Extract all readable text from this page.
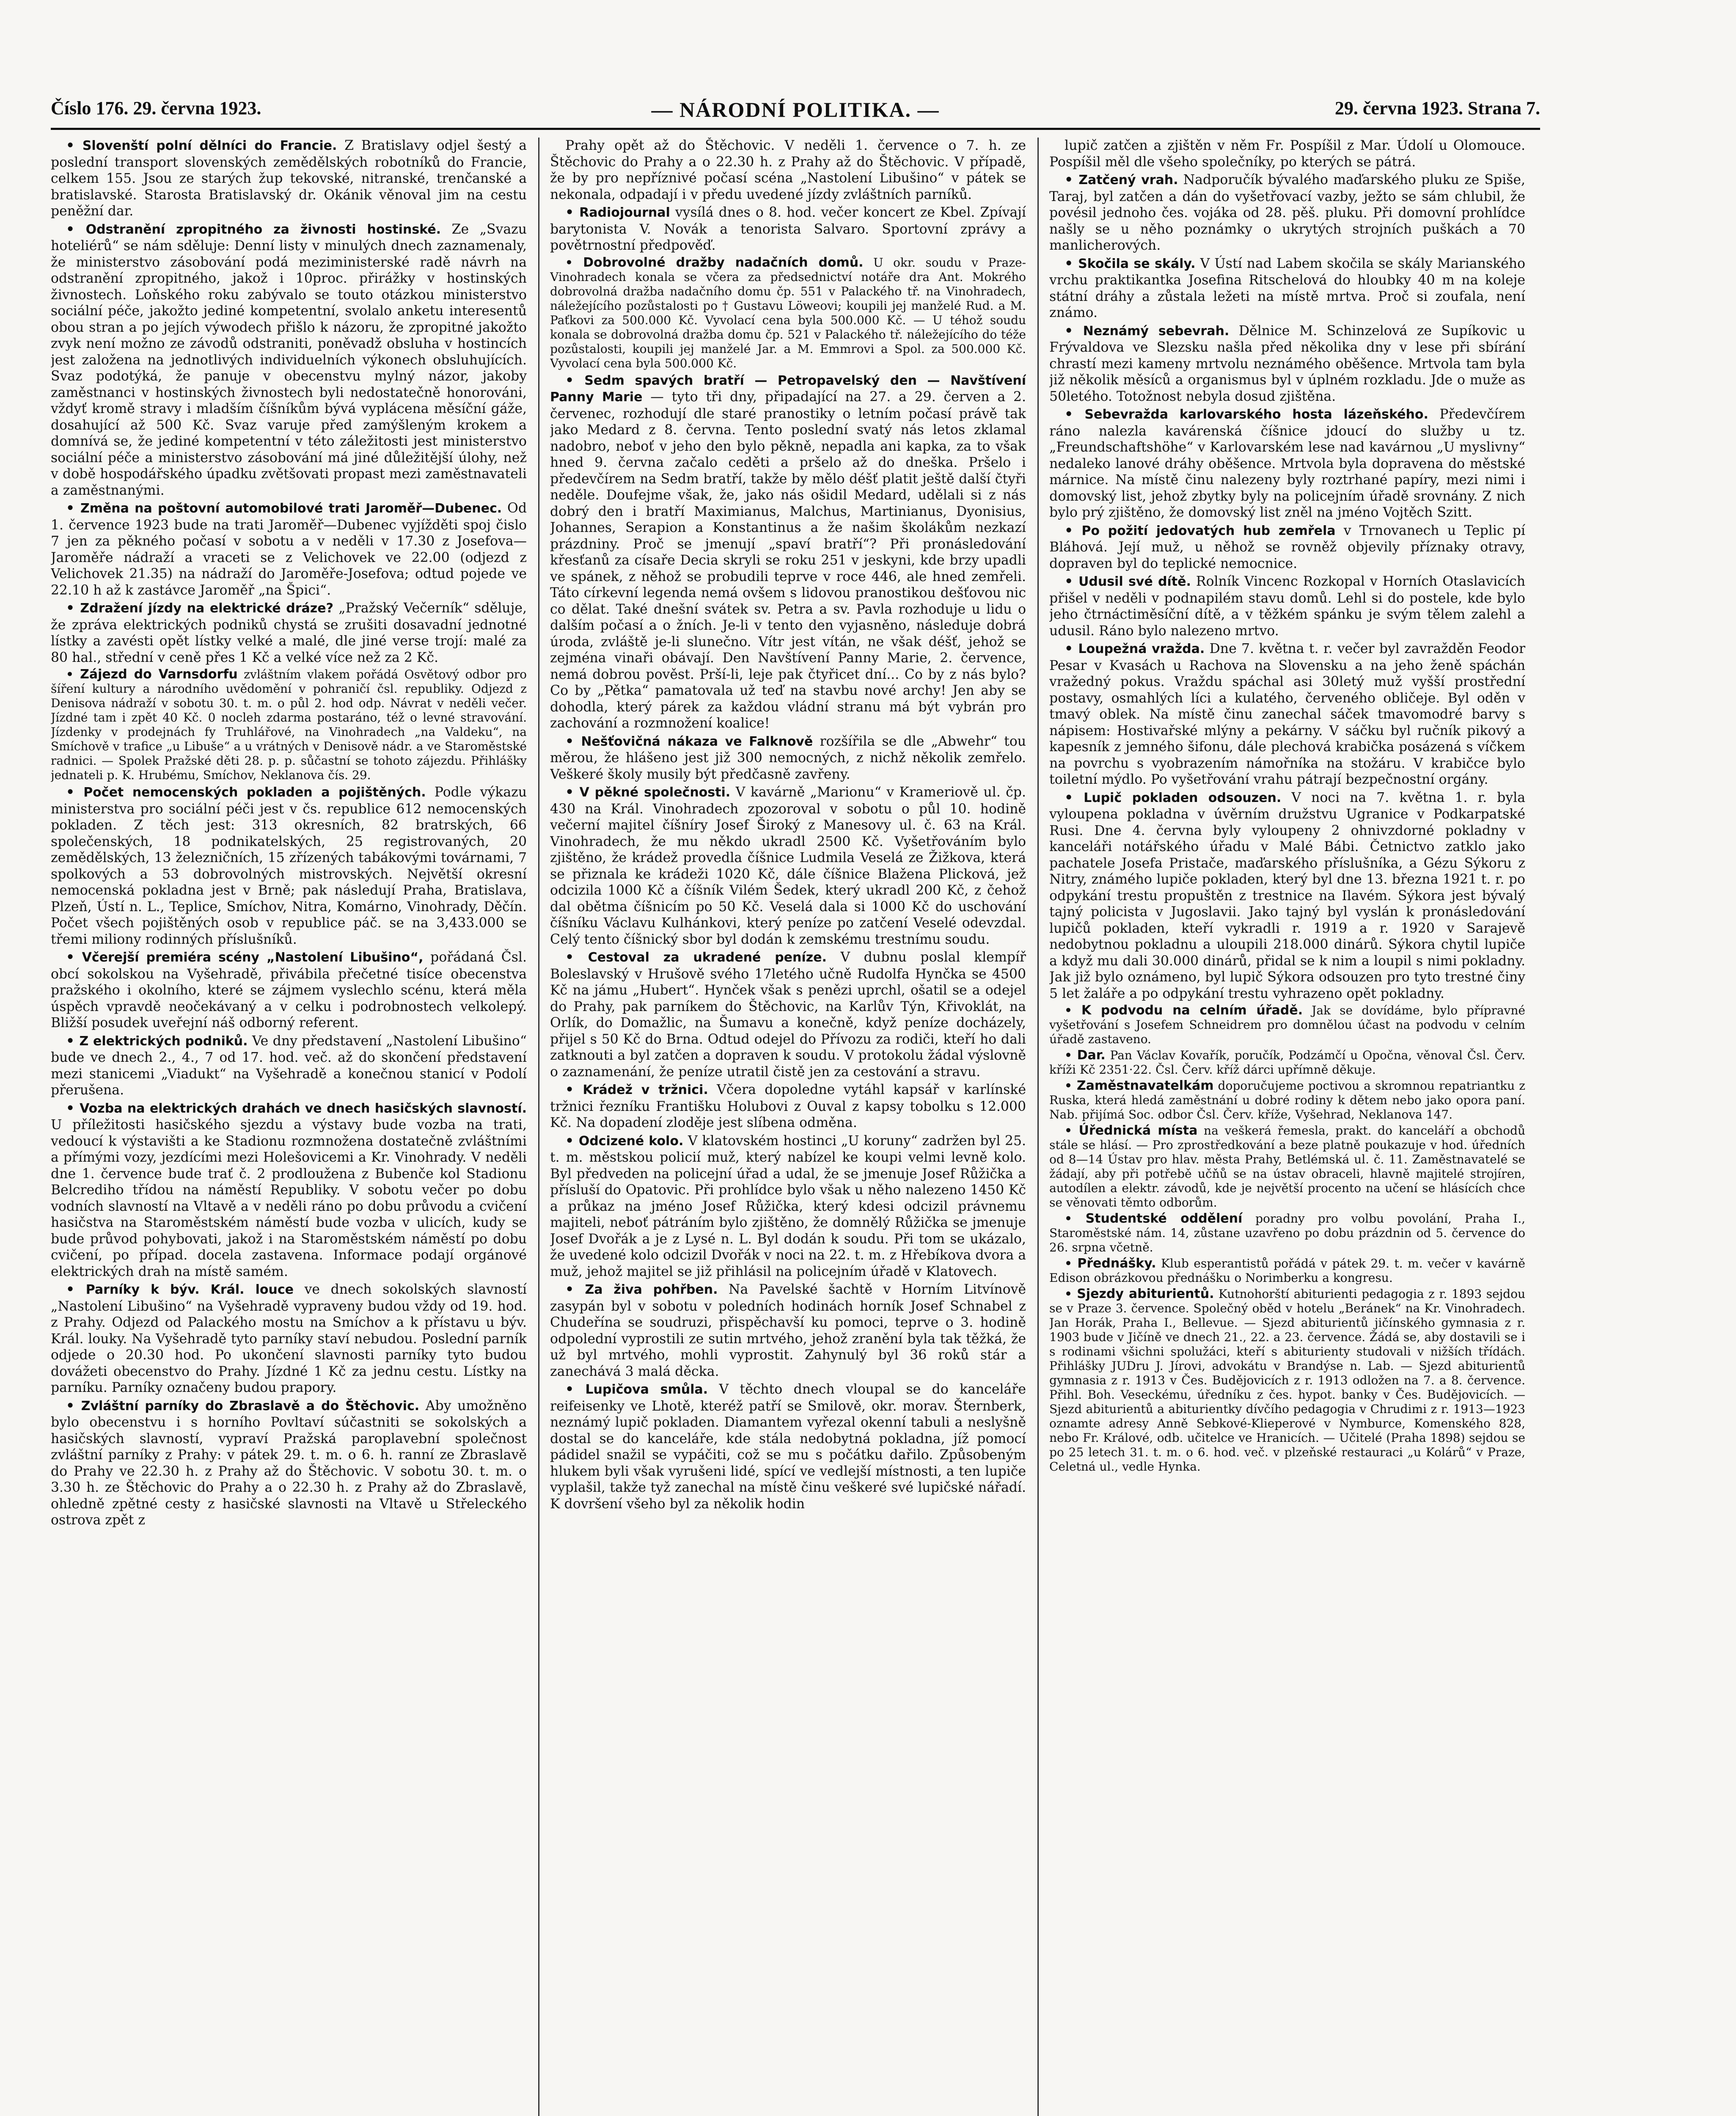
Číslo 176. 29. června 1923.	— NÁRODNÍ POLITIKA. —	29. června 1923. Strana 7.

• Slovenští polní dělníci do Francie. Z Bratislavy odjel šestý a poslední transport slovenských zemědělských robotníků do Francie, celkem 155. Jsou ze starých žup tekovské, nitranské, trenčanské a bratislavské. Starosta Bratislavský dr. Okánik věnoval jim na cestu peněžní dar.

• Odstranění zpropitného za živnosti hostinské. Ze „Svazu hoteliérů“ se nám sděluje: Denní listy v minulých dnech zaznamenaly, že ministerstvo zásobování podá meziministerské radě návrh na odstranění zpropitného, jakož i 10proc. přirážky v hostinských živnostech. Loňského roku zabývalo se touto otázkou ministerstvo sociální péče, jakožto jediné kompetentní, svolalo anketu interesentů obou stran a po jejích výwodech přišlo k názoru, že zpropitné jakožto zvyk není možno ze závodů odstraniti, poněvadž obsluha v hostincích jest založena na jednotlivých individuelních výkonech obsluhujících. Svaz podotýká, že panuje v obecenstvu mylný názor, jakoby zaměstnanci v hostinských živnostech byli nedostatečně honorováni, vždyť kromě stravy i mladším číšníkům bývá vyplácena měsíční gáže, dosahující až 500 Kč. Svaz varuje před zamýšleným krokem a domnívá se, že jediné kompetentní v této záležitosti jest ministerstvo sociální péče a ministerstvo zásobování má jiné důležitější úlohy, než v době hospodářského úpadku zvětšovati propast mezi zaměstnavateli a zaměstnanými.

• Změna na poštovní automobilové trati Jaroměř—Dubenec. Od 1. července 1923 bude na trati Jaroměř—Dubenec vyjížděti spoj čislo 7 jen za pěkného počasí v sobotu a v neděli v 17.30 z Josefova—Jaroměře nádraží a vraceti se z Velichovek ve 22.00 (odjezd z Velichovek 21.35) na nádraží do Jaroměře-Josefova; odtud pojede ve 22.10 h až k zastávce Jaroměř „na Špici“.

• Zdražení jízdy na elektrické dráze? „Pražský Večerník“ sděluje, že zpráva elektrických podniků chystá se zrušiti dosavadní jednotné lístky a zavésti opět lístky velké a malé, dle jiné verse trojí: malé za 80 hal., střední v ceně přes 1 Kč a velké více než za 2 Kč.

• Zájezd do Varnsdorfu zvláštním vlakem pořádá Osvětový odbor pro šíření kultury a národního uvědomění v pohraničí čsl. republiky. Odjezd z Denisova nádraží v sobotu 30. t. m. o půl 2. hod odp. Návrat v neděli večer. Jízdné tam i zpět 40 Kč. 0 nocleh zdarma postaráno, též o levné stravování. Jízdenky v prodejnách fy Truhlářové, na Vinohradech „na Valdeku“, na Smíchově v trafice „u Libuše“ a u vrátných v Denisově nádr. a ve Staroměstské radnici. — Spolek Pražské děti 28. p. p. sůčastní se tohoto zájezdu. Přihlášky jednateli p. K. Hrubému, Smíchov, Neklanova čís. 29.

• Počet nemocenských pokladen a pojištěných. Podle výkazu ministerstva pro sociální péči jest v čs. republice 612 nemocenských pokladen. Z těch jest: 313 okresních, 82 bratrských, 66 společenských, 18 podnikatelských, 25 registrovaných, 20 zemědělských, 13 železničních, 15 zřízených tabákovými továrnami, 7 spolkových a 53 dobrovolných mistrovských. Největší okresní nemocenská pokladna jest v Brně; pak následují Praha, Bratislava, Plzeň, Ústí n. L., Teplice, Smíchov, Nitra, Komárno, Vinohrady, Děčín. Počet všech pojištěných osob v republice páč. se na 3,433.000 se třemi miliony rodinných příslušníků.

• Včerejší premiéra scény „Nastolení Libušino“, pořádaná Čsl. obcí sokolskou na Vyšehradě, přivábila přečetné tisíce obecenstva pražského i okolního, které se zájmem vyslechlo scénu, která měla úspěch vpravdě neočekávaný a v celku i podrobnostech velkolepý. Bližší posudek uveřejní náš odborný referent.

• Z elektrických podniků. Ve dny představení „Nastolení Libušino“ bude ve dnech 2., 4., 7 od 17. hod. več. až do skončení představení mezi stanicemi „Viadukt“ na Vyšehradě a konečnou stanicí v Podolí přerušena.

• Vozba na elektrických drahách ve dnech hasičských slavností. U příležitosti hasičského sjezdu a výstavy bude vozba na trati, vedoucí k výstavišti a ke Stadionu rozmnožena dostatečně zvláštními a přímými vozy, jezdícími mezi Holešovicemi a Kr. Vinohrady. V neděli dne 1. července bude trať č. 2 prodloužena z Bubenče kol Stadionu Belcrediho třídou na náměstí Republiky. V sobotu večer po dobu vodních slavností na Vltavě a v neděli ráno po dobu průvodu a cvičení hasičstva na Staroměstském náměstí bude vozba v ulicích, kudy se bude průvod pohybovati, jakož i na Staroměstském náměstí po dobu cvičení, po případ. docela zastavena. Informace podají orgánové elektrických drah na místě samém.

• Parníky k býv. Král. louce ve dnech sokolských slavností „Nastolení Libušino“ na Vyšehradě vypraveny budou vždy od 19. hod. z Prahy. Odjezd od Palackého mostu na Smíchov a k přístavu u býv. Král. louky. Na Vyšehradě tyto parníky staví nebudou. Poslední parník odjede o 20.30 hod. Po ukončení slavnosti parníky tyto budou dovážeti obecenstvo do Prahy. Jízdné 1 Kč za jednu cestu. Lístky na parníku. Parníky označeny budou prapory.

• Zvláštní parníky do Zbraslavě a do Štěchovic. Aby umožněno bylo obecenstvu i s horního Povltaví súčastniti se sokolských a hasičských slavností, vypraví Pražská paroplavební společnost zvláštní parníky z Prahy: v pátek 29. t. m. o 6. h. ranní ze Zbraslavě do Prahy ve 22.30 h. z Prahy až do Štěchovic. V sobotu 30. t. m. o 3.30 h. ze Štěchovic do Prahy a o 22.30 h. z Prahy až do Zbraslavě, ohledně zpětné cesty z hasičské slavnosti na Vltavě u Střeleckého ostrova zpět z

Prahy opět až do Štěchovic. V neděli 1. července o 7. h. ze Štěchovic do Prahy a o 22.30 h. z Prahy až do Štěchovic. V případě, že by pro nepříznivé počasí scéna „Nastolení Libušino“ v pátek se nekonala, odpadají i v předu uvedené jízdy zvláštních parníků.

• Radiojournal vysílá dnes o 8. hod. večer koncert ze Kbel. Zpívají barytonista V. Novák a tenorista Salvaro. Sportovní zprávy a povětrnostní předpověď.

• Dobrovolné dražby nadačních domů. U okr. soudu v Praze-Vinohradech konala se včera za předsednictví notáře dra Ant. Mokrého dobrovolná dražba nadačního domu čp. 551 v Palackého tř. na Vinohradech, náležejícího pozůstalosti po † Gustavu Löweovi; koupili jej manželé Rud. a M. Paťkovi za 500.000 Kč. Vyvolací cena byla 500.000 Kč. — U téhož soudu konala se dobrovolná dražba domu čp. 521 v Palackého tř. náležejícího do téže pozůstalosti, koupili jej manželé Jar. a M. Emmrovi a Spol. za 500.000 Kč. Vyvolací cena byla 500.000 Kč.

• Sedm spavých bratří — Petropavelský den — Navštívení Panny Marie — tyto tři dny, připadající na 27. a 29. červen a 2. červenec, rozhodují dle staré pranostiky o letním počasí právě tak jako Medard z 8. června. Tento poslední svatý nás letos zklamal nadobro, neboť v jeho den bylo pěkně, nepadla ani kapka, za to však hned 9. června začalo ceděti a pršelo až do dneška. Pršelo i předevčírem na Sedm bratří, takže by mělo déšť platit ještě další čtyři neděle. Doufejme však, že, jako nás ošidil Medard, udělali si z nás dobrý den i bratří Maximianus, Malchus, Martinianus, Dyonisius, Johannes, Serapion a Konstantinus a že našim školákům nezkazí prázdniny. Proč se jmenují „spaví bratří“? Při pronásledování křesťanů za císaře Decia skryli se roku 251 v jeskyni, kde brzy upadli ve spánek, z něhož se probudili teprve v roce 446, ale hned zemřeli. Táto církevní legenda nemá ovšem s lidovou pranostikou dešťovou nic co dělat. Také dnešní svátek sv. Petra a sv. Pavla rozhoduje u lidu o dalším počasí a o žních. Je-li v tento den vyjasněno, následuje dobrá úroda, zvláště je-li slunečno. Vítr jest vítán, ne však déšť, jehož se zejména vinaři obávají. Den Navštívení Panny Marie, 2. července, nemá dobrou pověst. Prší-li, leje pak čtyřicet dní... Co by z nás bylo? Co by „Pětka“ pamatovala už teď na stavbu nové archy! Jen aby se dohodla, který párek za každou vládní stranu má být vybrán pro zachování a rozmnožení koalice!

• Nešťovičná nákaza ve Falknově rozšířila se dle „Abwehr“ tou měrou, že hlášeno jest již 300 nemocných, z nichž několik zemřelo. Veškeré školy musily být předčasně zavřeny.

• V pěkné společnosti. V kavárně „Marionu“ v Krameriově ul. čp. 430 na Král. Vinohradech zpozoroval v sobotu o půl 10. hodině večerní majitel číšníry Josef Široký z Manesovy ul. č. 63 na Král. Vinohradech, že mu někdo ukradl 2500 Kč. Vyšetřováním bylo zjištěno, že krádež provedla číšnice Ludmila Veselá ze Žižkova, která se přiznala ke krádeži 1020 Kč, dále číšnice Blažena Plicková, jež odcizila 1000 Kč a číšník Vilém Šedek, který ukradl 200 Kč, z čehož dal obětma číšnicím po 50 Kč. Veselá dala si 1000 Kč do uschování číšníku Václavu Kulhánkovi, který peníze po zatčení Veselé odevzdal. Celý tento číšnický sbor byl dodán k zemskému trestnímu soudu.

• Cestoval za ukradené peníze. V dubnu poslal klempíř Boleslavský v Hrušově svého 17letého učně Rudolfa Hynčka se 4500 Kč na jámu „Hubert“. Hynček však s penězi uprchl, ošatil se a odejel do Prahy, pak parníkem do Štěchovic, na Karlův Týn, Křivoklát, na Orlík, do Domažlic, na Šumavu a konečně, když peníze docházely, přijel s 50 Kč do Brna. Odtud odejel do Přívozu za rodiči, kteří ho dali zatknouti a byl zatčen a dopraven k soudu. V protokolu žádal výslovně o zaznamenání, že peníze utratil čistě jen za cestování a stravu.

• Krádež v tržnici. Včera dopoledne vytáhl kapsář v karlínské tržnici řezníku Františku Holubovi z Ouval z kapsy tobolku s 12.000 Kč. Na dopadení zloděje jest slíbena odměna.

• Odcizené kolo. V klatovském hostinci „U koruny“ zadržen byl 25. t. m. městskou policií muž, který nabízel ke koupi velmi levně kolo. Byl předveden na policejní úřad a udal, že se jmenuje Josef Růžička a přísluší do Opatovic. Při prohlídce bylo však u něho nalezeno 1450 Kč a průkaz na jméno Josef Růžička, který kdesi odcizil právnemu majiteli, neboť pátráním bylo zjištěno, že domnělý Růžička se jmenuje Josef Dvořák a je z Lysé n. L. Byl dodán k soudu. Při tom se ukázalo, že uvedené kolo odcizil Dvořák v noci na 22. t. m. z Hřebíkova dvora a muž, jehož majitel se již přihlásil na policejním úřadě v Klatovech.

• Za živa pohřben. Na Pavelské šachtě v Horním Litvínově zasypán byl v sobotu v poledních hodinách horník Josef Schnabel z Chudeřína se soudruzi, přispěchavší ku pomoci, teprve o 3. hodině odpolední vyprostili ze sutin mrtvého, jehož zranění byla tak těžká, že už byl mrtvého, mohli vyprostit. Zahynulý byl 36 roků stár a zanechává 3 malá děcka.

• Lupičova smůla. V těchto dnech vloupal se do kanceláře reifeisenky ve Lhotě, kteréž patří se Smilově, okr. morav. Šternberk, neznámý lupič pokladen. Diamantem vyřezal okenní tabuli a neslyšně dostal se do kanceláře, kde stála nedobytná pokladna, jíž pomocí pádidel snažil se vypáčiti, což se mu s počátku dařilo. Způsobeným hlukem byli však vyrušeni lidé, spící ve vedlejší místnosti, a ten lupiče vyplašil, takže tyž zanechal na místě činu veškeré své lupičské nářadí. K dovršení všeho byl za několik hodin

lupič zatčen a zjištěn v něm Fr. Pospíšil z Mar. Údolí u Olomouce. Pospíšil měl dle všeho společníky, po kterých se pátrá.

• Zatčený vrah. Nadporučík bývalého maďarského pluku ze Spiše, Taraj, byl zatčen a dán do vyšetřovací vazby, ježto se sám chlubil, že povésil jednoho čes. vojáka od 28. pěš. pluku. Při domovní prohlídce našly se u něho poznámky o ukrytých strojních puškách a 70 manlicherových.

• Skočila se skály. V Ústí nad Labem skočila se skály Marianského vrchu praktikantka Josefina Ritschelová do hloubky 40 m na koleje státní dráhy a zůstala ležeti na místě mrtva. Proč si zoufala, není známo.

• Neznámý sebevrah. Dělnice M. Schinzelová ze Supíkovic u Frývaldova ve Slezsku našla před několika dny v lese při sbírání chrastí mezi kameny mrtvolu neznámého oběšence. Mrtvola tam byla již několik měsíců a organismus byl v úplném rozkladu. Jde o muže as 50letého. Totožnost nebyla dosud zjištěna.

• Sebevražda karlovarského hosta lázeňského. Předevčírem ráno nalezla kavárenská číšnice jdoucí do služby u tz. „Freundschaftshöhe“ v Karlovarském lese nad kavárnou „U myslivny“ nedaleko lanové dráhy oběšence. Mrtvola byla dopravena do městské márnice. Na místě činu nalezeny byly roztrhané papíry, mezi nimi i domovský list, jehož zbytky byly na policejním úřadě srovnány. Z nich bylo prý zjištěno, že domovský list zněl na jméno Vojtěch Szitt.

• Po požití jedovatých hub zemřela v Trnovanech u Teplic pí Bláhová. Její muž, u něhož se rovněž objevily příznaky otravy, dopraven byl do teplické nemocnice.

• Udusil své dítě. Rolník Vincenc Rozkopal v Horních Otaslavicích přišel v neděli v podnapilém stavu domů. Lehl si do postele, kde bylo jeho čtrnáctiměsíční dítě, a v těžkém spánku je svým tělem zalehl a udusil. Ráno bylo nalezeno mrtvo.

• Loupežná vražda. Dne 7. května t. r. večer byl zavražděn Feodor Pesar v Kvasách u Rachova na Slovensku a na jeho ženě spáchán vražedný pokus. Vraždu spáchal asi 30letý muž vyšší prostřední postavy, osmahlých líci a kulatého, červeného obličeje. Byl oděn v tmavý oblek. Na místě činu zanechal sáček tmavomodré barvy s nápisem: Hostivařské mlýny a pekárny. V sáčku byl ručník pikový a kapesník z jemného šifonu, dále plechová krabička posázená s víčkem na povrchu s vyobrazením námořníka na stožáru. V krabičce bylo toiletní mýdlo. Po vyšetřování vrahu pátrají bezpečnostní orgány.

• Lupič pokladen odsouzen. V noci na 7. května 1. r. byla vyloupena pokladna v úvěrním družstvu Ugranice v Podkarpatské Rusi. Dne 4. června byly vyloupeny 2 ohnivzdorné pokladny v kanceláři notářského úřadu v Malé Bábi. Četnictvo zatklo jako pachatele Josefa Pristače, maďarského příslušníka, a Gézu Sýkoru z Nitry, známého lupiče pokladen, který byl dne 13. března 1921 t. r. po odpykání trestu propuštěn z trestnice na Ilavém. Sýkora jest bývalý tajný policista v Jugoslavii. Jako tajný byl vyslán k pronásledování lupičů pokladen, kteří vykradli r. 1919 a r. 1920 v Sarajevě nedobytnou pokladnu a uloupili 218.000 dinárů. Sýkora chytil lupiče a když mu dali 30.000 dinárů, přidal se k nim a loupil s nimi pokladny. Jak již bylo oznámeno, byl lupič Sýkora odsouzen pro tyto trestné činy 5 let žaláře a po odpykání trestu vyhrazeno opět pokladny.

• K podvodu na celním úřadě. Jak se dovídáme, bylo přípravné vyšetřování s Josefem Schneidrem pro domnělou účast na podvodu v celním úřadě zastaveno.

• Dar. Pan Václav Kovařík, poručík, Podzámčí u Opočna, věnoval Čsl. Červ. kříži Kč 2351·22. Čsl. Červ. kříž dárci upřímně děkuje.

• Zaměstnavatelkám doporučujeme poctivou a skromnou repatriantku z Ruska, která hledá zaměstnání u dobré rodiny k dětem nebo jako opora paní. Nab. přijímá Soc. odbor Čsl. Červ. kříže, Vyšehrad, Neklanova 147.

• Úřednická místa na veškerá řemesla, prakt. do kanceláří a obchodů stále se hlásí. — Pro zprostředkování a beze platně poukazuje v hod. úředních od 8—14 Ústav pro hlav. města Prahy, Betlémská ul. č. 11. Zaměstnavatelé se žádají, aby při potřebě učňů se na ústav obraceli, hlavně majitelé strojíren, autodílen a elektr. závodů, kde je největší procento na učení se hlásících chce se věnovati těmto odborům.

• Studentské oddělení poradny pro volbu povolání, Praha I., Staroměstské nám. 14, zůstane uzavřeno po dobu prázdnin od 5. července do 26. srpna včetně.

• Přednášky. Klub esperantistů pořádá v pátek 29. t. m. večer v kavárně Edison obrázkovou přednášku o Norimberku a kongresu.

• Sjezdy abiturientů. Kutnohorští abiturienti pedagogia z r. 1893 sejdou se v Praze 3. července. Společný oběd v hotelu „Beránek“ na Kr. Vinohradech. Jan Horák, Praha I., Bellevue. — Sjezd abiturientů jičínského gymnasia z r. 1903 bude v Jičíně ve dnech 21., 22. a 23. července. Žádá se, aby dostavili se i s rodinami všichni spolužáci, kteří s abiturienty studovali v nižších třídách. Přihlášky JUDru J. Jírovi, advokátu v Brandýse n. Lab. — Sjezd abiturientů gymnasia z r. 1913 v Čes. Budějovicích z r. 1913 odložen na 7. a 8. července. Přihl. Boh. Veseckému, úředníku z čes. hypot. banky v Čes. Budějovicích. — Sjezd abiturientů a abiturientky dívčího pedagogia v Chrudimi z r. 1913—1923 oznamte adresy Anně Sebkové-Klieperové v Nymburce, Komenského 828, nebo Fr. Králové, odb. učitelce ve Hranicích. — Učitelé (Praha 1898) sejdou se po 25 letech 31. t. m. o 6. hod. več. v plzeňské restauraci „u Kolárů“ v Praze, Celetná ul., vedle Hynka.
